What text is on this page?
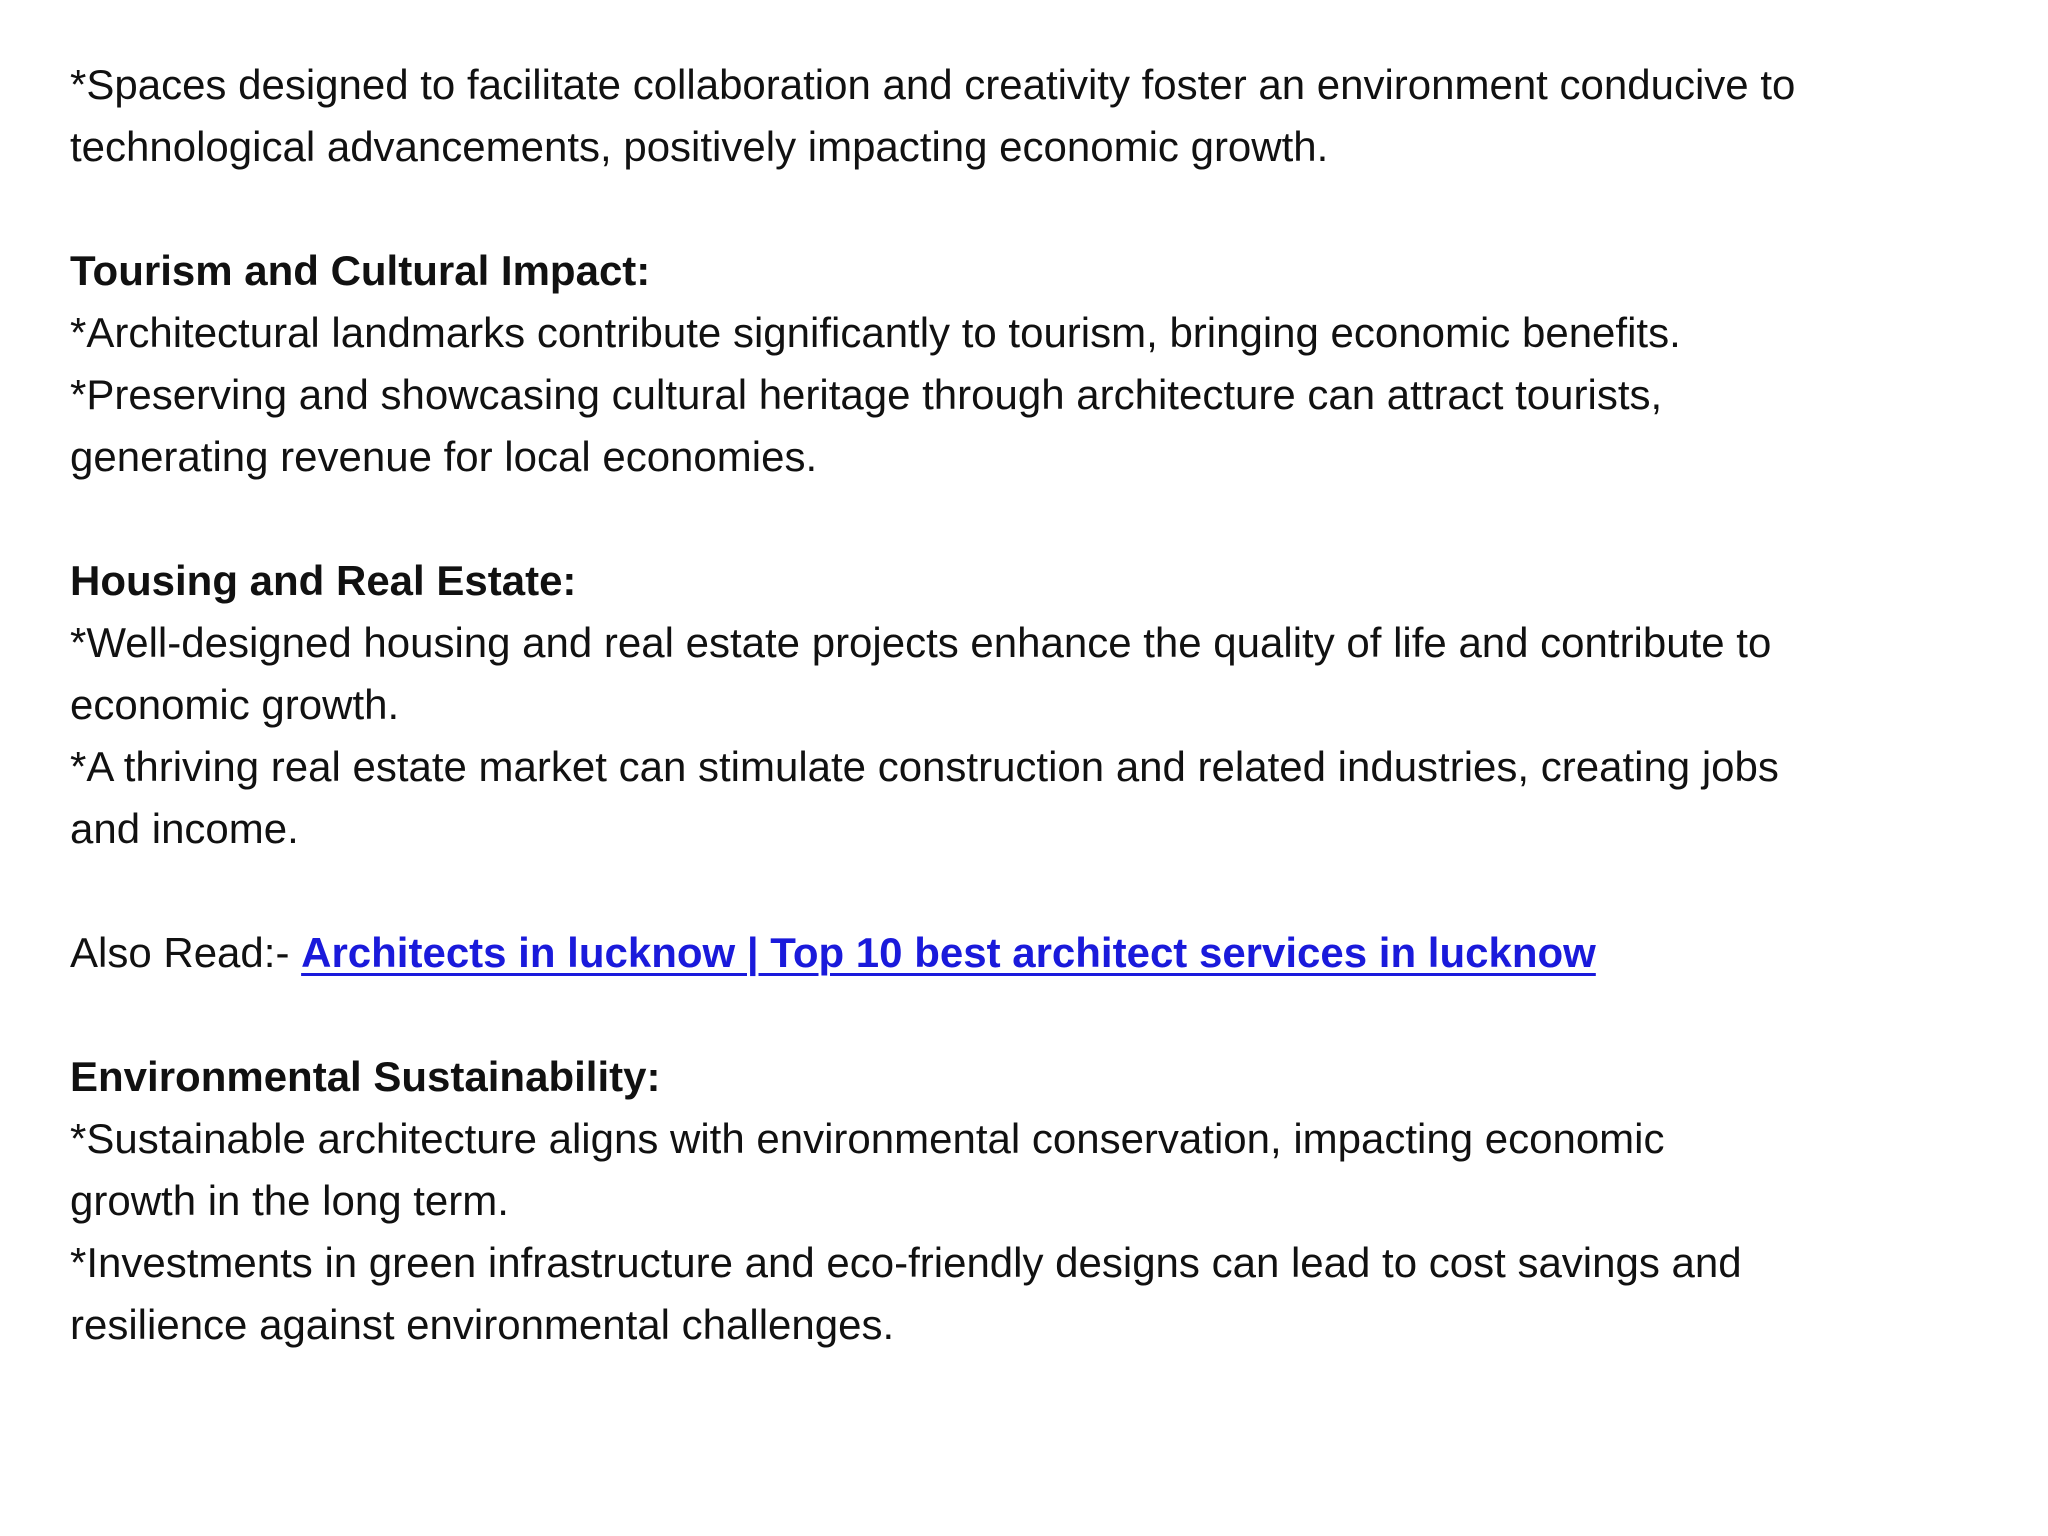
*Spaces designed to facilitate collaboration and creativity foster an environment conducive to
technological advancements, positively impacting economic growth.
Tourism and Cultural Impact:
*Architectural landmarks contribute significantly to tourism, bringing economic benefits.
*Preserving and showcasing cultural heritage through architecture can attract tourists,
generating revenue for local economies.
Housing and Real Estate:
*Well-designed housing and real estate projects enhance the quality of life and contribute to
economic growth.
*A thriving real estate market can stimulate construction and related industries, creating jobs
and income.
Also Read:- Architects in lucknow | Top 10 best architect services in lucknow
Environmental Sustainability:
*Sustainable architecture aligns with environmental conservation, impacting economic
growth in the long term.
*Investments in green infrastructure and eco-friendly designs can lead to cost savings and
resilience against environmental challenges.
